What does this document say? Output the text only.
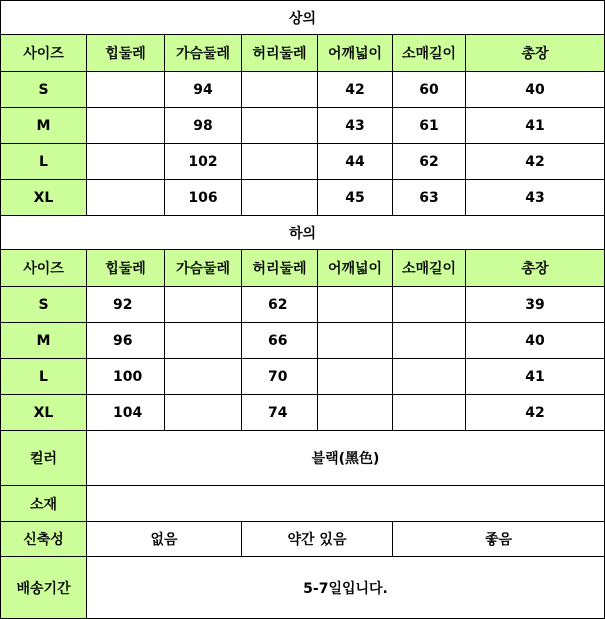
상의						
사이즈	힙둘레	가슴둘레	허리둘레	어깨넓이	소매길이	총장
S		94		42	60	40
M		98		43	61	41
L		102		44	62	42
XL		106		45	63	43
하의						
사이즈	힙둘레	가슴둘레	허리둘레	어깨넓이	소매길이	총장
S	92		62			39
M	96		66			40
L	100		70			41
XL	104		74			42
컬러	블랙(黑色)					
소재						
신축성	없음		약간 있음		좋음	
배송기간	5-7일입니다.					
